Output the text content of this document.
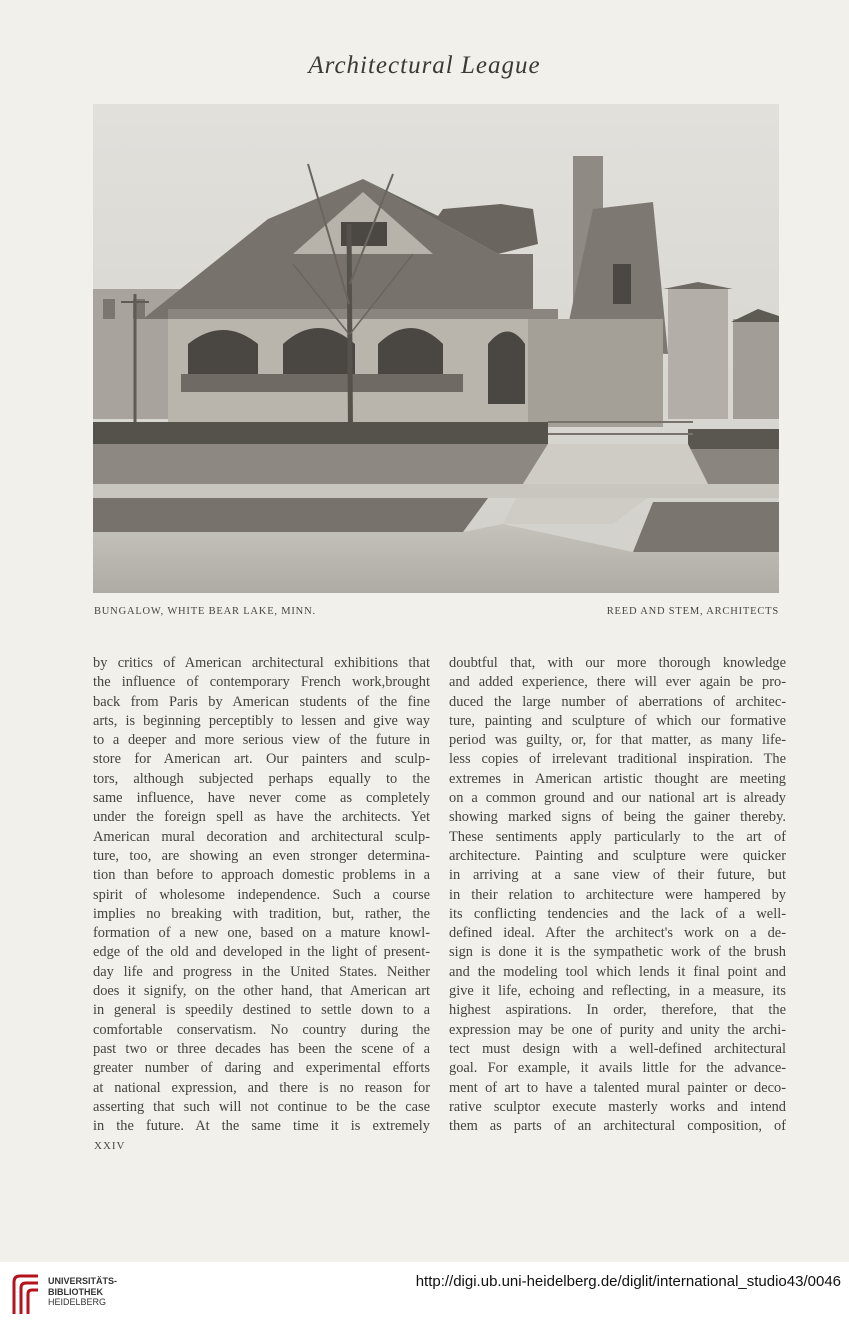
Architectural League
BUNGALOW, WHITE BEAR LAKE, MINN.	REED AND STEM, ARCHITECTS
by critics of American architectural exhibitions that
the influence of contemporary French work,brought
back from Paris by American students of the fine
arts, is beginning perceptibly to lessen and give way
to a deeper and more serious view of the future in
store for American art. Our painters and sculp-
tors, although subjected perhaps equally to the
same influence, have never come as completely
under the foreign spell as have the architects. Yet
American mural decoration and architectural sculp-
ture, too, are showing an even stronger determina-
tion than before to approach domestic problems in a
spirit of wholesome independence. Such a course
implies no breaking with tradition, but, rather, the
formation of a new one, based on a mature knowl-
edge of the old and developed in the light of present-
day life and progress in the United States. Neither
does it signify, on the other hand, that American art
in general is speedily destined to settle down to a
comfortable conservatism. No country during the
past two or three decades has been the scene of a
greater number of daring and experimental efforts
at national expression, and there is no reason for
asserting that such will not continue to be the case
in the future. At the same time it is extremely
doubtful that, with our more thorough knowledge
and added experience, there will ever again be pro-
duced the large number of aberrations of architec-
ture, painting and sculpture of which our formative
period was guilty, or, for that matter, as many life-
less copies of irrelevant traditional inspiration. The
extremes in American artistic thought are meeting
on a common ground and our national art is already
showing marked signs of being the gainer thereby.
These sentiments apply particularly to the art of
architecture. Painting and sculpture were quicker
in arriving at a sane view of their future, but
in their relation to architecture were hampered by
its conflicting tendencies and the lack of a well-
defined ideal. After the architect's work on a de-
sign is done it is the sympathetic work of the brush
and the modeling tool which lends it final point and
give it life, echoing and reflecting, in a measure, its
highest aspirations. In order, therefore, that the
expression may be one of purity and unity the archi-
tect must design with a well-defined architectural
goal. For example, it avails little for the advance-
ment of art to have a talented mural painter or deco-
rative sculptor execute masterly works and intend
them as parts of an architectural composition, of
XXIV
UNIVERSITÄTS-
BIBLIOTHEK
HEIDELBERG
http://digi.ub.uni-heidelberg.de/diglit/international_studio43/0046
